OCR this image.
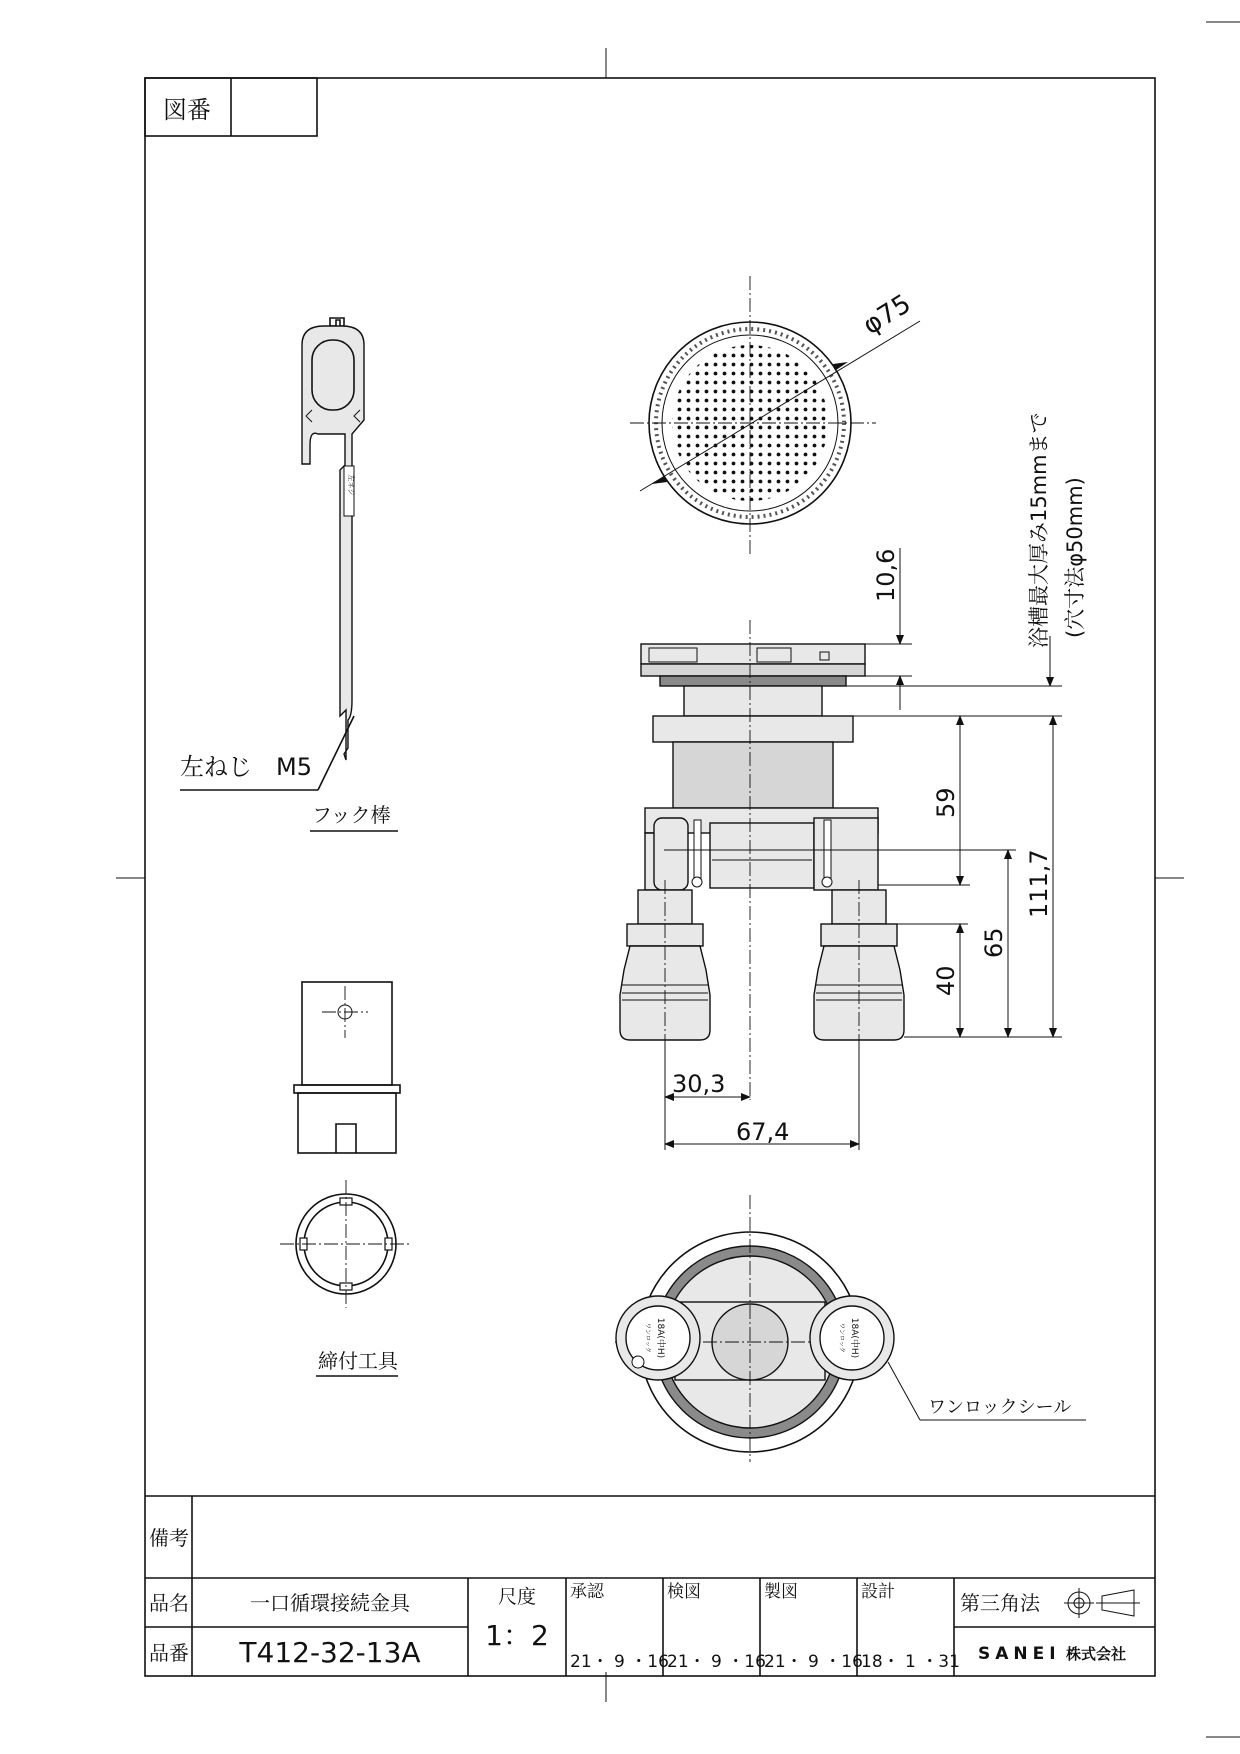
図番
左ネジ
左ねじ　M5
フック棒
締付工具
φ75
10,6	浴槽最大厚み15mmまで (穴寸法φ50mm)
59
111,7
65
40
30,3
67,4
18A(中H)
ワンロック	18A(中H)
ワンロック
ワンロックシール
備考
品名	一口循環接続金具
品番 T412-32-13A
尺度
1：2
承認
21・ 9 ・16
検図
21・ 9 ・16
製図
21・ 9 ・16
設計
18・ 1 ・31
第三角法
SANEI 株式会社
